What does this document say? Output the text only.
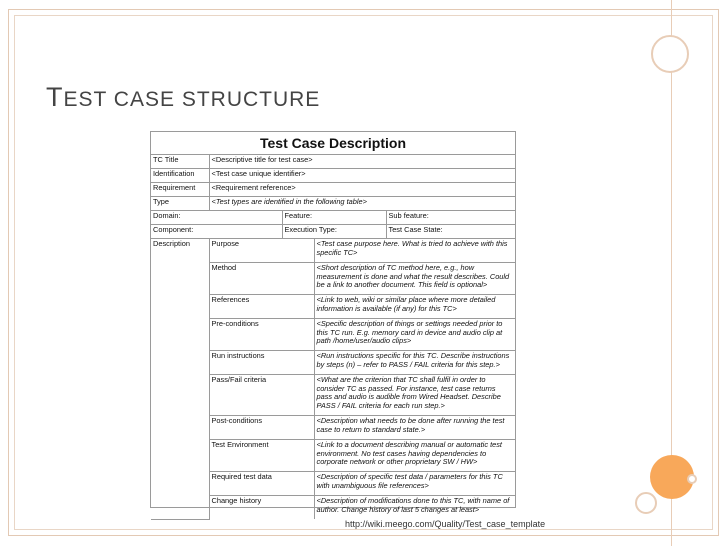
TEST CASE STRUCTURE
Test Case Description
TC Title	<Descriptive title for test case>			
Identification	<Test case unique identifier>			
Requirement	<Requirement reference>			
Type	<Test types are identified in the following table>			
Domain:		Feature:		Sub feature:
Component:		Execution Type:		Test Case State:
Description	Purpose		<Test case purpose here. What is tried to achieve with this specific TC>	
	Method		<Short description of TC method here, e.g., how measurement is done and what the result describes. Could be a link to another document. This field is optional>	
	References		<Link to web, wiki or similar place where more detailed information is available (if any) for this TC>	
	Pre-conditions		<Specific description of things or settings needed prior to this TC run. E.g. memory card in device and audio clip at path /home/user/audio clips>	
	Run instructions		<Run instructions specific for this TC. Describe instructions by steps (n) – refer to PASS / FAIL criteria for this step.>	
	Pass/Fail criteria		<What are the criterion that TC shall fulfil in order to consider TC as passed. For instance, test case returns pass and audio is audible from Wired Headset. Describe PASS / FAIL criteria for each run step.>	
	Post-conditions		<Description what needs to be done after running the test case to return to standard state.>	
	Test Environment		<Link to a document describing manual or automatic test environment. No test cases having dependencies to corporate network or other proprietary SW / HW>	
	Required test data		<Description of specific test data / parameters for this TC with unambiguous file references>	
	Change history		<Description of modifications done to this TC, with name of author. Change history of last 5 changes at least>	
http://wiki.meego.com/Quality/Test_case_template
